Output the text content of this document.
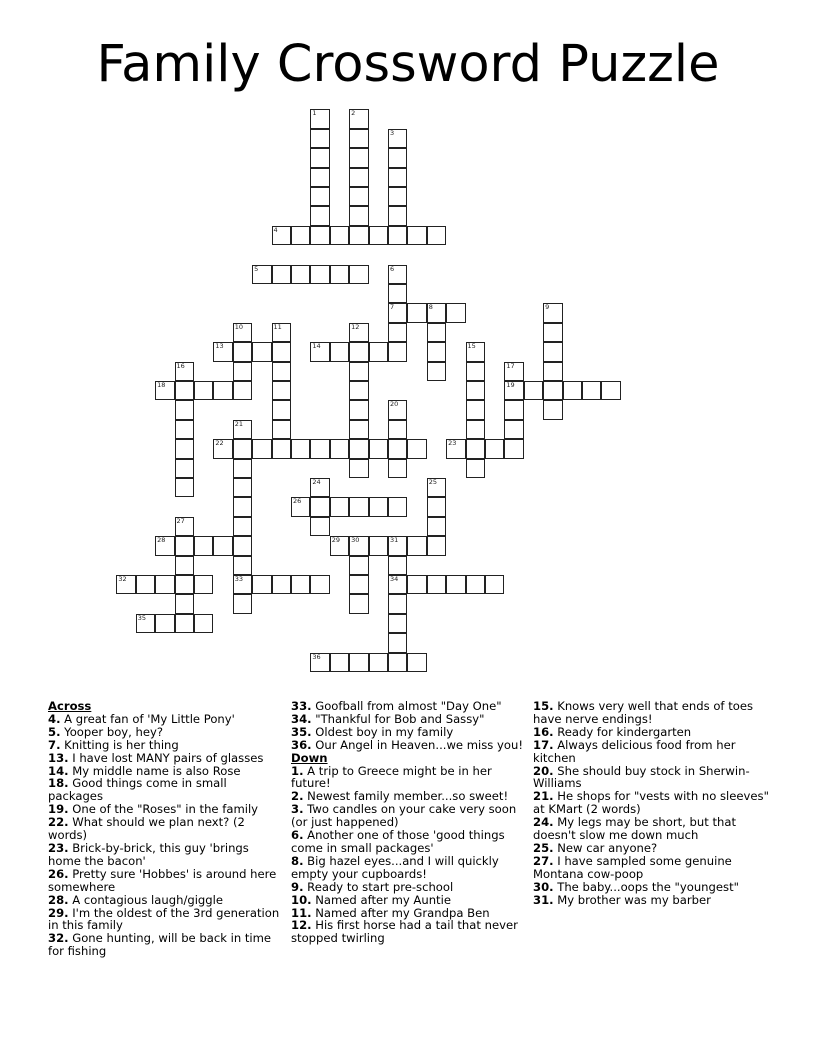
Family Crossword Puzzle
1	2
3
4
5	6
7	8	9
10	11	12
13	14	15
16	17
19
18
20
21
33
22	23
24	25
26
27
28	29 30	31
34
32
35
36
Across
4. A great fan of 'My Little Pony'
5. Yooper boy, hey?
7. Knitting is her thing
13. I have lost MANY pairs of glasses
14. My middle name is also Rose
18. Good things come in small packages
19. One of the "Roses" in the family
22. What should we plan next? (2 words)
23. Brick-by-brick, this guy 'brings home the bacon'
26. Pretty sure 'Hobbes' is around here somewhere
28. A contagious laugh/giggle
29. I'm the oldest of the 3rd generation in this family
32. Gone hunting, will be back in time for fishing
33. Goofball from almost "Day One"
34. "Thankful for Bob and Sassy"
35. Oldest boy in my family
36. Our Angel in Heaven...we miss you!
Down
1. A trip to Greece might be in her future!
2. Newest family member...so sweet!
3. Two candles on your cake very soon (or just happened)
6. Another one of those 'good things come in small packages'
8. Big hazel eyes...and I will quickly empty your cupboards!
9. Ready to start pre-school
10. Named after my Auntie
11. Named after my Grandpa Ben
12. His first horse had a tail that never stopped twirling
15. Knows very well that ends of toes have nerve endings!
16. Ready for kindergarten
17. Always delicious food from her kitchen
20. She should buy stock in Sherwin-Williams
21. He shops for "vests with no sleeves" at KMart (2 words)
24. My legs may be short, but that doesn't slow me down much
25. New car anyone?
27. I have sampled some genuine Montana cow-poop
30. The baby...oops the "youngest"
31. My brother was my barber
